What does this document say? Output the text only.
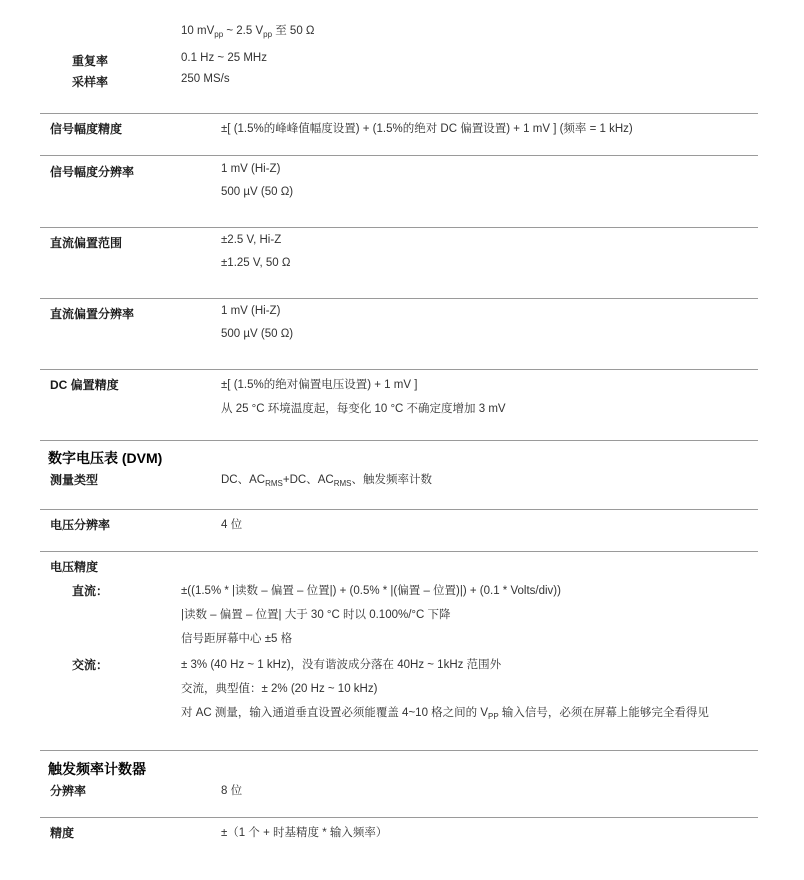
10 $mV_{pp}$ ~ 2.5 $V_{pp}$ 至 50 Ω
重复率	0.1 Hz ~ 25 MHz
采样率	250 MS/s
信号幅度精度	±[ (1.5%的峰峰值幅度设置) + (1.5%的绝对 DC 偏置设置) + 1 mV ] (频率 = 1 kHz)
信号幅度分辨率	1 mV (Hi-Z)
500 µV (50 Ω)
直流偏置范围	±2.5 V, Hi-Z
±1.25 V, 50 Ω
直流偏置分辨率	1 mV (Hi-Z)
500 µV (50 Ω)
DC 偏置精度	±[ (1.5%的绝对偏置电压设置) + 1 mV ]
从 25 °C 环境温度起，每变化 10 °C 不确定度增加 3 mV
数字电压表 (DVM)
测量类型	DC、$AC_{RMS}+DC$、$AC_{RMS}$、触发频率计数
电压分辨率	4 位
电压精度
直流：	±((1.5% * |读数 – 偏置 – 位置|) + (0.5% * |(偏置 – 位置)|) + (0.1 * Volts/div))
|读数 – 偏置 – 位置| 大于 30 °C 时以 0.100%/°C 下降
信号距屏幕中心 ±5 格
交流：	± 3% (40 Hz ~ 1 kHz)，没有谐波成分落在 40Hz ~ 1kHz 范围外
交流，典型值：± 2% (20 Hz ~ 10 kHz)
对 AC 测量，输入通道垂直设置必须能覆盖 4~10 格之间的 $V_{PP}$ 输入信号，必须在屏幕上能够完全看得见
触发频率计数器
分辨率	8 位
精度	±（1 个 + 时基精度 * 输入频率）
